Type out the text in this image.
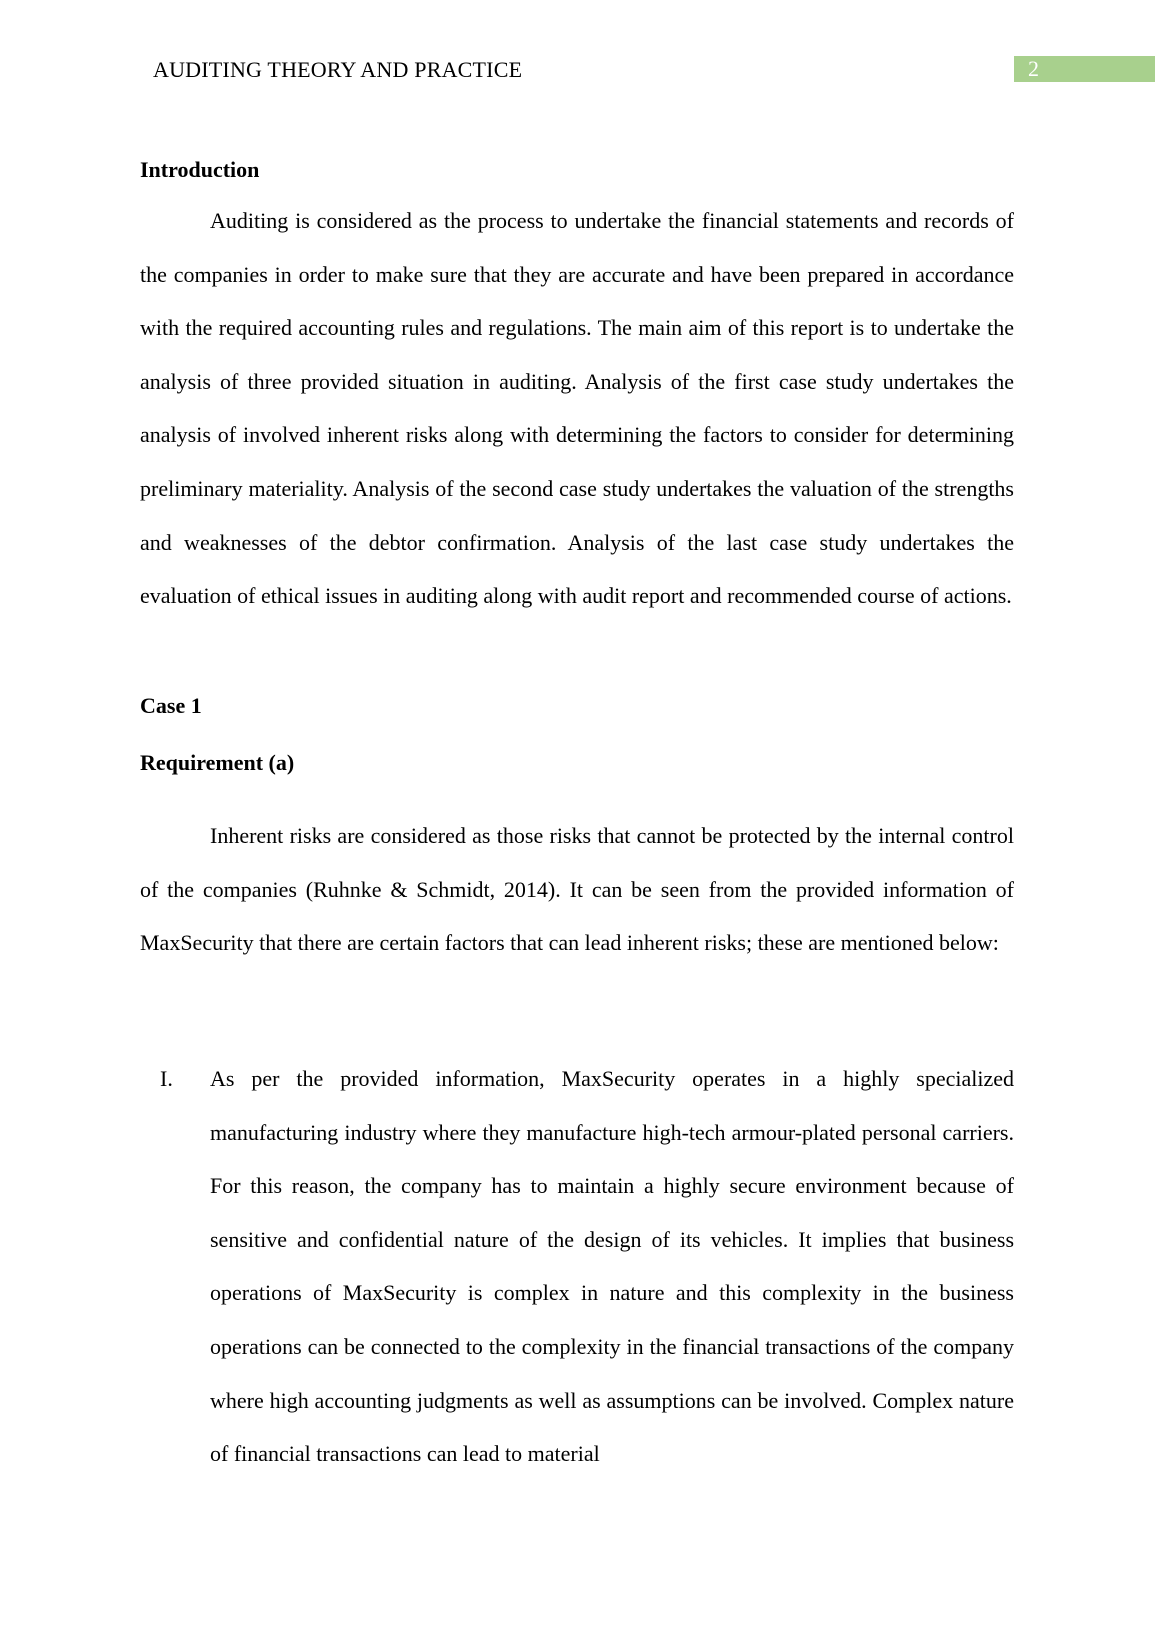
AUDITING THEORY AND PRACTICE	2
Introduction

Auditing is considered as the process to undertake the financial statements and records of the companies in order to make sure that they are accurate and have been prepared in accordance with the required accounting rules and regulations. The main aim of this report is to undertake the analysis of three provided situation in auditing. Analysis of the first case study undertakes the analysis of involved inherent risks along with determining the factors to consider for determining preliminary materiality. Analysis of the second case study undertakes the valuation of the strengths and weaknesses of the debtor confirmation. Analysis of the last case study undertakes the evaluation of ethical issues in auditing along with audit report and recommended course of actions.

Case 1
Requirement (a)

Inherent risks are considered as those risks that cannot be protected by the internal control of the companies (Ruhnke & Schmidt, 2014). It can be seen from the provided information of MaxSecurity that there are certain factors that can lead inherent risks; these are mentioned below:

I. As per the provided information, MaxSecurity operates in a highly specialized manufacturing industry where they manufacture high-tech armour-plated personal carriers. For this reason, the company has to maintain a highly secure environment because of sensitive and confidential nature of the design of its vehicles. It implies that business operations of MaxSecurity is complex in nature and this complexity in the business operations can be connected to the complexity in the financial transactions of the company where high accounting judgments as well as assumptions can be involved. Complex nature of financial transactions can lead to material
